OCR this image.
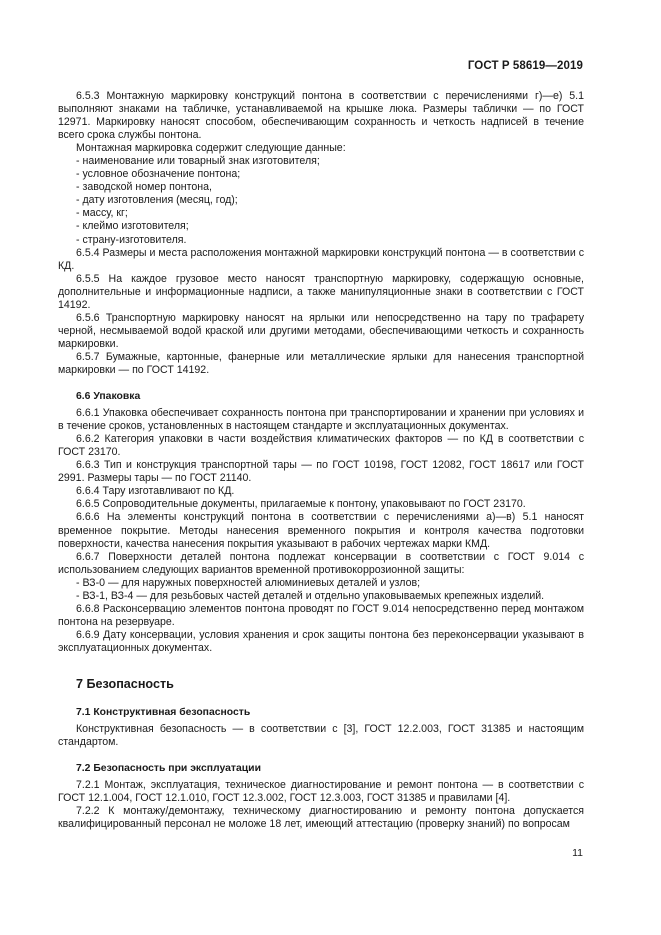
ГОСТ Р 58619—2019

6.5.3 Монтажную маркировку конструкций понтона в соответствии с перечислениями г)—е) 5.1 выполняют знаками на табличке, устанавливаемой на крышке люка. Размеры таблички — по ГОСТ 12971. Маркировку наносят способом, обеспечивающим сохранность и четкость надписей в течение всего срока службы понтона.

Монтажная маркировка содержит следующие данные:

- наименование или товарный знак изготовителя;

- условное обозначение понтона;

- заводской номер понтона,

- дату изготовления (месяц, год);

- массу, кг;

- клеймо изготовителя;

- страну-изготовителя.

6.5.4 Размеры и места расположения монтажной маркировки конструкций понтона — в соответствии с КД.

6.5.5 На каждое грузовое место наносят транспортную маркировку, содержащую основные, дополнительные и информационные надписи, а также манипуляционные знаки в соответствии с ГОСТ 14192.

6.5.6 Транспортную маркировку наносят на ярлыки или непосредственно на тару по трафарету черной, несмываемой водой краской или другими методами, обеспечивающими четкость и сохранность маркировки.

6.5.7 Бумажные, картонные, фанерные или металлические ярлыки для нанесения транспортной маркировки — по ГОСТ 14192.

6.6 Упаковка

6.6.1 Упаковка обеспечивает сохранность понтона при транспортировании и хранении при условиях и в течение сроков, установленных в настоящем стандарте и эксплуатационных документах.

6.6.2 Категория упаковки в части воздействия климатических факторов — по КД в соответствии с ГОСТ 23170.

6.6.3 Тип и конструкция транспортной тары — по ГОСТ 10198, ГОСТ 12082, ГОСТ 18617 или ГОСТ 2991. Размеры тары — по ГОСТ 21140.

6.6.4 Тару изготавливают по КД.

6.6.5 Сопроводительные документы, прилагаемые к понтону, упаковывают по ГОСТ 23170.

6.6.6 На элементы конструкций понтона в соответствии с перечислениями а)—в) 5.1 наносят временное покрытие. Методы нанесения временного покрытия и контроля качества подготовки поверхности, качества нанесения покрытия указывают в рабочих чертежах марки КМД.

6.6.7 Поверхности деталей понтона подлежат консервации в соответствии с ГОСТ 9.014 с использованием следующих вариантов временной противокоррозионной защиты:

- ВЗ-0 — для наружных поверхностей алюминиевых деталей и узлов;

- ВЗ-1, ВЗ-4 — для резьбовых частей деталей и отдельно упаковываемых крепежных изделий.

6.6.8 Расконсервацию элементов понтона проводят по ГОСТ 9.014 непосредственно перед монтажом понтона на резервуаре.

6.6.9 Дату консервации, условия хранения и срок защиты понтона без переконсервации указывают в эксплуатационных документах.

7 Безопасность
7.1 Конструктивная безопасность

Конструктивная безопасность — в соответствии с [3], ГОСТ 12.2.003, ГОСТ 31385 и настоящим стандартом.

7.2 Безопасность при эксплуатации

7.2.1 Монтаж, эксплуатация, техническое диагностирование и ремонт понтона — в соответствии с ГОСТ 12.1.004, ГОСТ 12.1.010, ГОСТ 12.3.002, ГОСТ 12.3.003, ГОСТ 31385 и правилами [4].

7.2.2 К монтажу/демонтажу, техническому диагностированию и ремонту понтона допускается квалифицированный персонал не моложе 18 лет, имеющий аттестацию (проверку знаний) по вопросам

11
